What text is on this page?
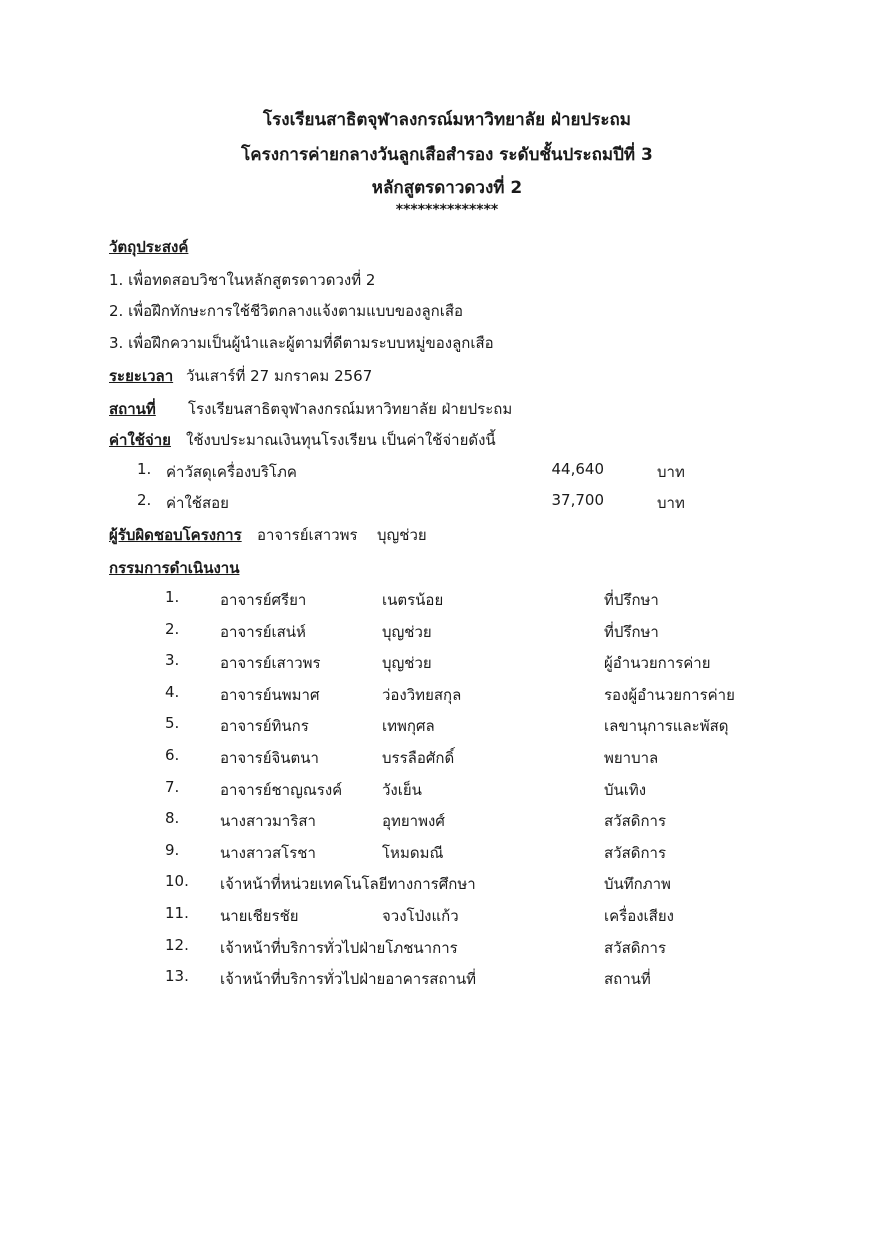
โรงเรียนสาธิตจุฬาลงกรณ์มหาวิทยาลัย ฝ่ายประถม
โครงการค่ายกลางวันลูกเสือสำรอง ระดับชั้นประถมปีที่ 3
หลักสูตรดาวดวงที่ 2
**************
วัตถุประสงค์
1. เพื่อทดสอบวิชาในหลักสูตรดาวดวงที่ 2
2. เพื่อฝึกทักษะการใช้ชีวิตกลางแจ้งตามแบบของลูกเสือ
3. เพื่อฝึกความเป็นผู้นำและผู้ตามที่ดีตามระบบหมู่ของลูกเสือ
ระยะเวลา วันเสาร์ที่ 27 มกราคม 2567
สถานที่ โรงเรียนสาธิตจุฬาลงกรณ์มหาวิทยาลัย ฝ่ายประถม
ค่าใช้จ่าย ใช้งบประมาณเงินทุนโรงเรียน เป็นค่าใช้จ่ายดังนี้
1. ค่าวัสดุเครื่องบริโภค	44,640	บาท
2. ค่าใช้สอย	37,700	บาท
ผู้รับผิดชอบโครงการ อาจารย์เสาวพร บุญช่วย
กรรมการดำเนินงาน
1.	อาจารย์ศรียา	เนตรน้อย	ที่ปรึกษา
2.	อาจารย์เสน่ห์	บุญช่วย	ที่ปรึกษา
3.	อาจารย์เสาวพร	บุญช่วย	ผู้อำนวยการค่าย
4.	อาจารย์นพมาศ	ว่องวิทยสกุล	รองผู้อำนวยการค่าย
5.	อาจารย์ทินกร	เทพกุศล	เลขานุการและพัสดุ
6.	อาจารย์จินตนา	บรรลือศักดิ์	พยาบาล
7.	อาจารย์ชาญณรงค์	วังเย็น	บันเทิง
8.	นางสาวมาริสา	อุทยาพงศ์	สวัสดิการ
9.	นางสาวสโรชา	โหมดมณี	สวัสดิการ
10. เจ้าหน้าที่หน่วยเทคโนโลยีทางการศึกษา	บันทึกภาพ
11. นายเชียรชัย	จวงโป่งแก้ว	เครื่องเสียง
12. เจ้าหน้าที่บริการทั่วไปฝ่ายโภชนาการ	สวัสดิการ
13. เจ้าหน้าที่บริการทั่วไปฝ่ายอาคารสถานที่	สถานที่
